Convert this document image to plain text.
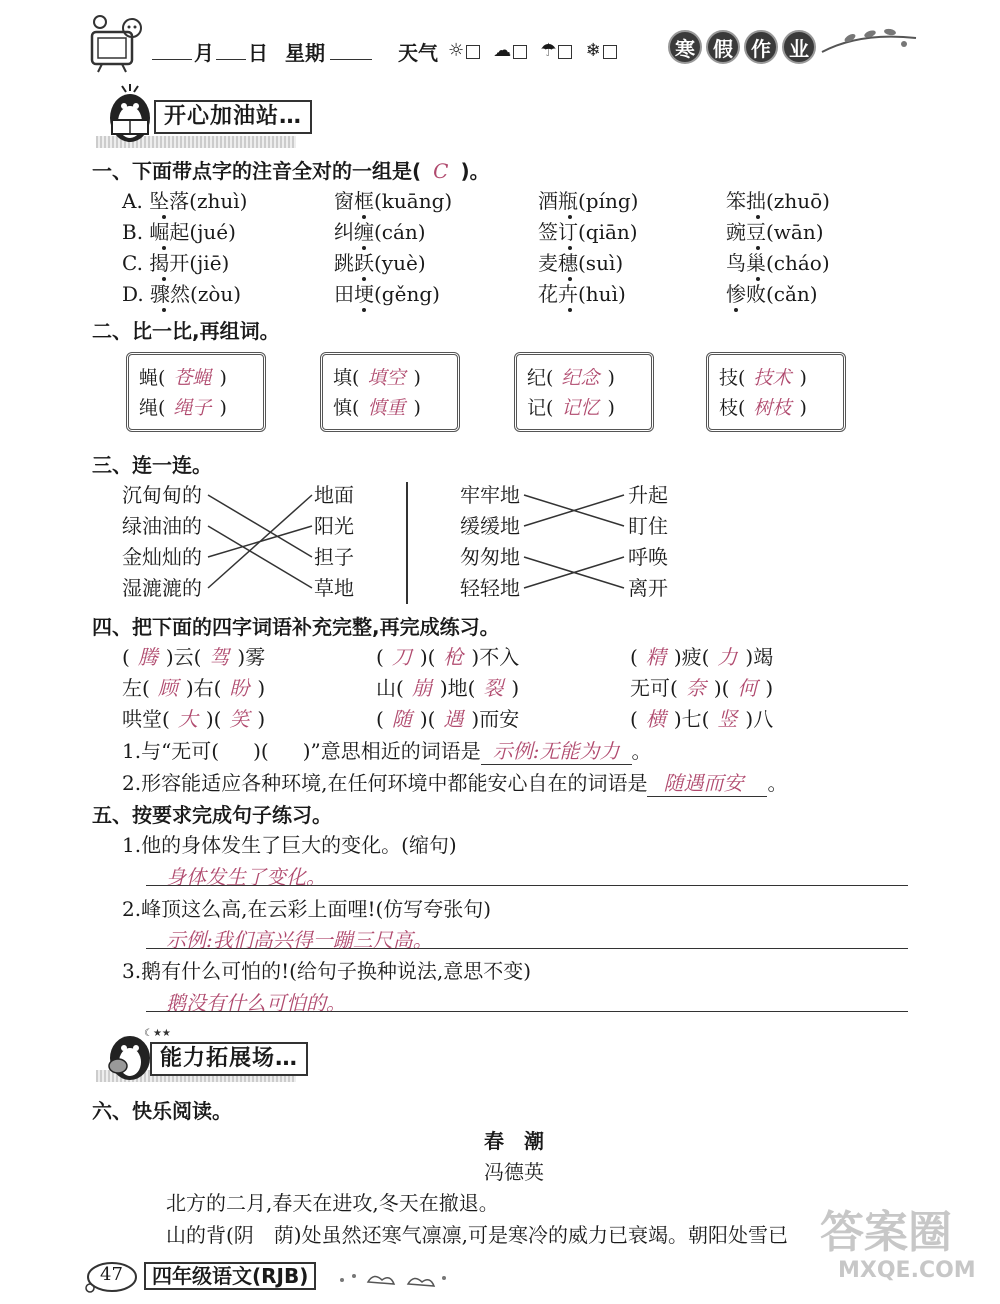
月 日 星期	天气 ☼ ☁ ☂ ❄	寒 假 作 业
开心加油站…
一、下面带点字的注音全对的一组是( C )。
A. 坠落(zhuì)	窗框(kuāng)	酒瓶(píng)	笨拙(zhuō)
B. 崛起(jué)	纠缠(cán)	签订(qiān)	豌豆(wān)
C. 揭开(jiē)	跳跃(yuè)	麦穗(suì)	鸟巢(cháo)
D. 骤然(zòu)	田埂(gěng)	花卉(huì)	惨败(cǎn)
二、比一比,再组词。
蝇( 苍蝇 )
绳( 绳子 )
填( 填空 )
慎( 慎重 )
纪( 纪念 )
记( 记忆 )
技( 技术 )
枝( 树枝 )
三、连一连。
沉甸甸的
绿油油的
金灿灿的
湿漉漉的
地面
阳光
担子
草地
牢牢地
缓缓地
匆匆地
轻轻地
升起
盯住
呼唤
离开
四、把下面的四字词语补充完整,再完成练习。
( 腾 )云( 驾 )雾	( 刀 )( 枪 )不入	( 精 )疲( 力 )竭
左( 顾 )右( 盼 )	山( 崩 )地( 裂 )	无可( 奈 )( 何 )
哄堂( 大 )( 笑 )	( 随 )( 遇 )而安	( 横 )七( 竖 )八
1.与“无可( )( )”意思相近的词语是 示例:无能为力 。
2.形容能适应各种环境,在任何环境中都能安心自在的词语是 随遇而安 。
五、按要求完成句子练习。
1.他的身体发生了巨大的变化。(缩句)
身体发生了变化。
2.峰顶这么高,在云彩上面哩!(仿写夸张句)
示例:我们高兴得一蹦三尺高。
3.鹅有什么可怕的!(给句子换种说法,意思不变)
鹅没有什么可怕的。
☾★★
能力拓展场…
六、快乐阅读。
春　潮
冯德英
北方的二月,春天在进攻,冬天在撤退。
山的背(阴　荫)处虽然还寒气凛凛,可是寒冷的威力已衰竭。朝阳处雪已 答案圈
MXQE.COM
47	四年级语文(RJB)
